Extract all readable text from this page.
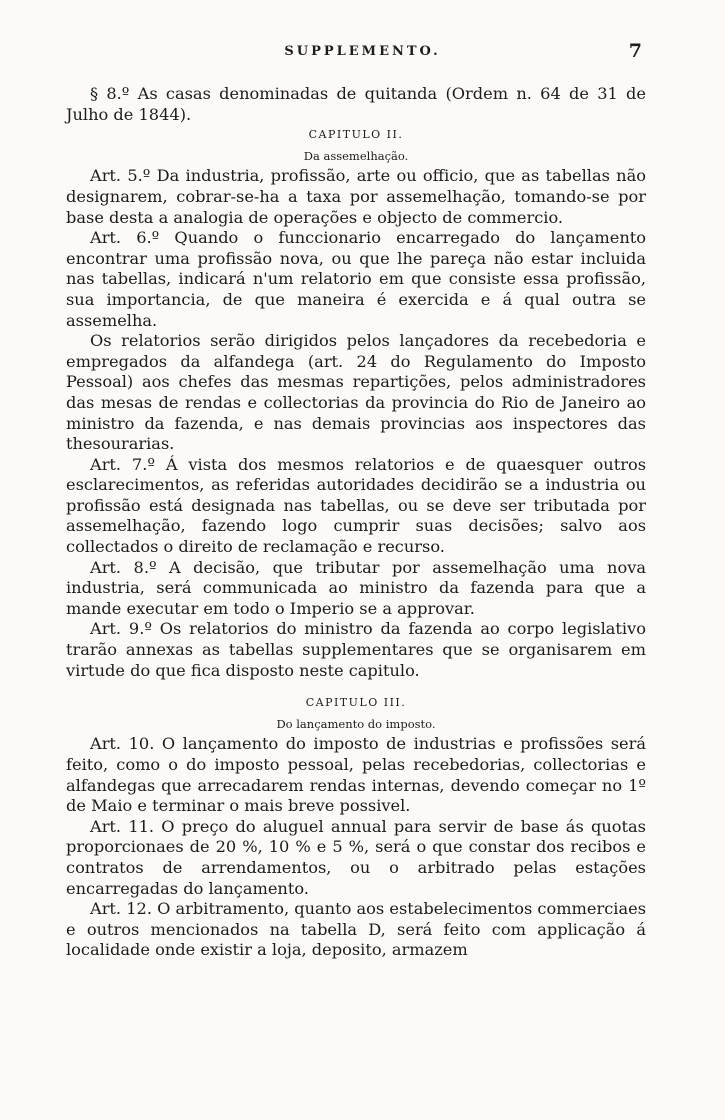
SUPPLEMENTO.	7

§ 8.º As casas denominadas de quitanda (Ordem n. 64 de 31 de Julho de 1844).

CAPITULO II.

Da assemelhação.

Art. 5.º Da industria, profissão, arte ou officio, que as tabellas não designarem, cobrar-se-ha a taxa por assemelhação, tomando-se por base desta a analogia de operações e objecto de commercio.

Art. 6.º Quando o funccionario encarregado do lançamento encontrar uma profissão nova, ou que lhe pareça não estar incluida nas tabellas, indicará n'um relatorio em que consiste essa profissão, sua importancia, de que maneira é exercida e á qual outra se assemelha.

Os relatorios serão dirigidos pelos lançadores da recebedoria e empregados da alfandega (art. 24 do Regulamento do Imposto Pessoal) aos chefes das mesmas repartições, pelos administradores das mesas de rendas e collectorias da provincia do Rio de Janeiro ao ministro da fazenda, e nas demais provincias aos inspectores das thesourarias.

Art. 7.º Á vista dos mesmos relatorios e de quaesquer outros esclarecimentos, as referidas autoridades decidirão se a industria ou profissão está designada nas tabellas, ou se deve ser tributada por assemelhação, fazendo logo cumprir suas decisões; salvo aos collectados o direito de reclamação e recurso.

Art. 8.º A decisão, que tributar por assemelhação uma nova industria, será communicada ao ministro da fazenda para que a mande executar em todo o Imperio se a approvar.

Art. 9.º Os relatorios do ministro da fazenda ao corpo legislativo trarão annexas as tabellas supplementares que se organisarem em virtude do que fica disposto neste capitulo.

CAPITULO III.

Do lançamento do imposto.

Art. 10. O lançamento do imposto de industrias e profissões será feito, como o do imposto pessoal, pelas recebedorias, collectorias e alfandegas que arrecadarem rendas internas, devendo começar no 1º de Maio e terminar o mais breve possivel.

Art. 11. O preço do aluguel annual para servir de base ás quotas proporcionaes de 20 %, 10 % e 5 %, será o que constar dos recibos e contratos de arrendamentos, ou o arbitrado pelas estações encarregadas do lançamento.

Art. 12. O arbitramento, quanto aos estabelecimentos commerciaes e outros mencionados na tabella D, será feito com applicação á localidade onde existir a loja, deposito, armazem
